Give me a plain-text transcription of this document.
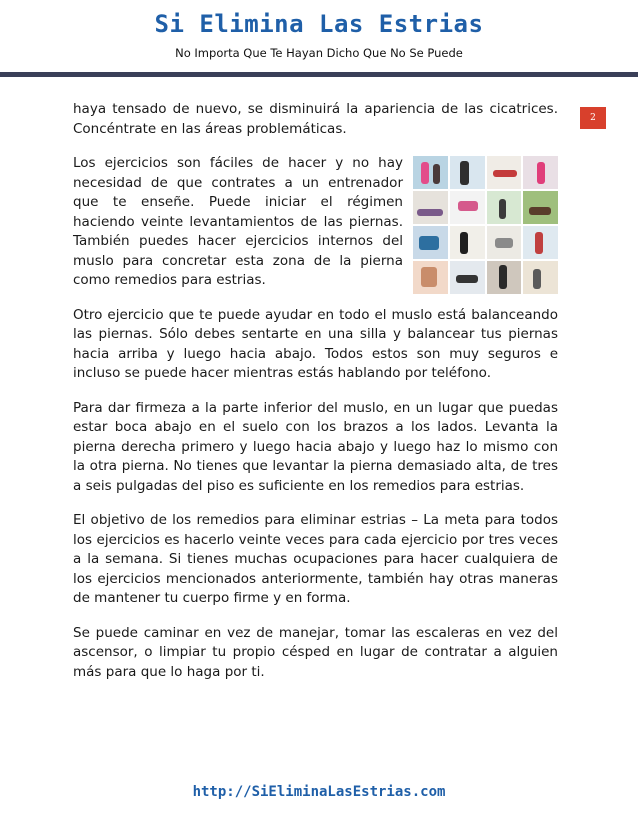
Si Elimina Las Estrias
No Importa Que Te Hayan Dicho Que No Se Puede
2

haya tensado de nuevo, se disminuirá la apariencia de las cicatrices. Concéntrate en las áreas problemáticas.

Los ejercicios son fáciles de hacer y no hay necesidad de que contrates a un entrenador que te enseñe. Puede iniciar el régimen haciendo veinte levantamientos de las piernas. También puedes hacer ejercicios internos del muslo para concretar esta zona de la pierna como remedios para estrias.

Otro ejercicio que te puede ayudar en todo el muslo está balanceando las piernas. Sólo debes sentarte en una silla y balancear tus piernas hacia arriba y luego hacia abajo. Todos estos son muy seguros e incluso se puede hacer mientras estás hablando por teléfono.

Para dar firmeza a la parte inferior del muslo, en un lugar que puedas estar boca abajo en el suelo con los brazos a los lados. Levanta la pierna derecha primero y luego hacia abajo y luego haz lo mismo con la otra pierna. No tienes que levantar la pierna demasiado alta, de tres a seis pulgadas del piso es suficiente en los remedios para estrias.

El objetivo de los remedios para eliminar estrias – La meta para todos los ejercicios es hacerlo veinte veces para cada ejercicio por tres veces a la semana. Si tienes muchas ocupaciones para hacer cualquiera de los ejercicios mencionados anteriormente, también hay otras maneras de mantener tu cuerpo firme y en forma.

Se puede caminar en vez de manejar, tomar las escaleras en vez del ascensor, o limpiar tu propio césped en lugar de contratar a alguien más para que lo haga por ti.

http://SiEliminaLasEstrias.com
